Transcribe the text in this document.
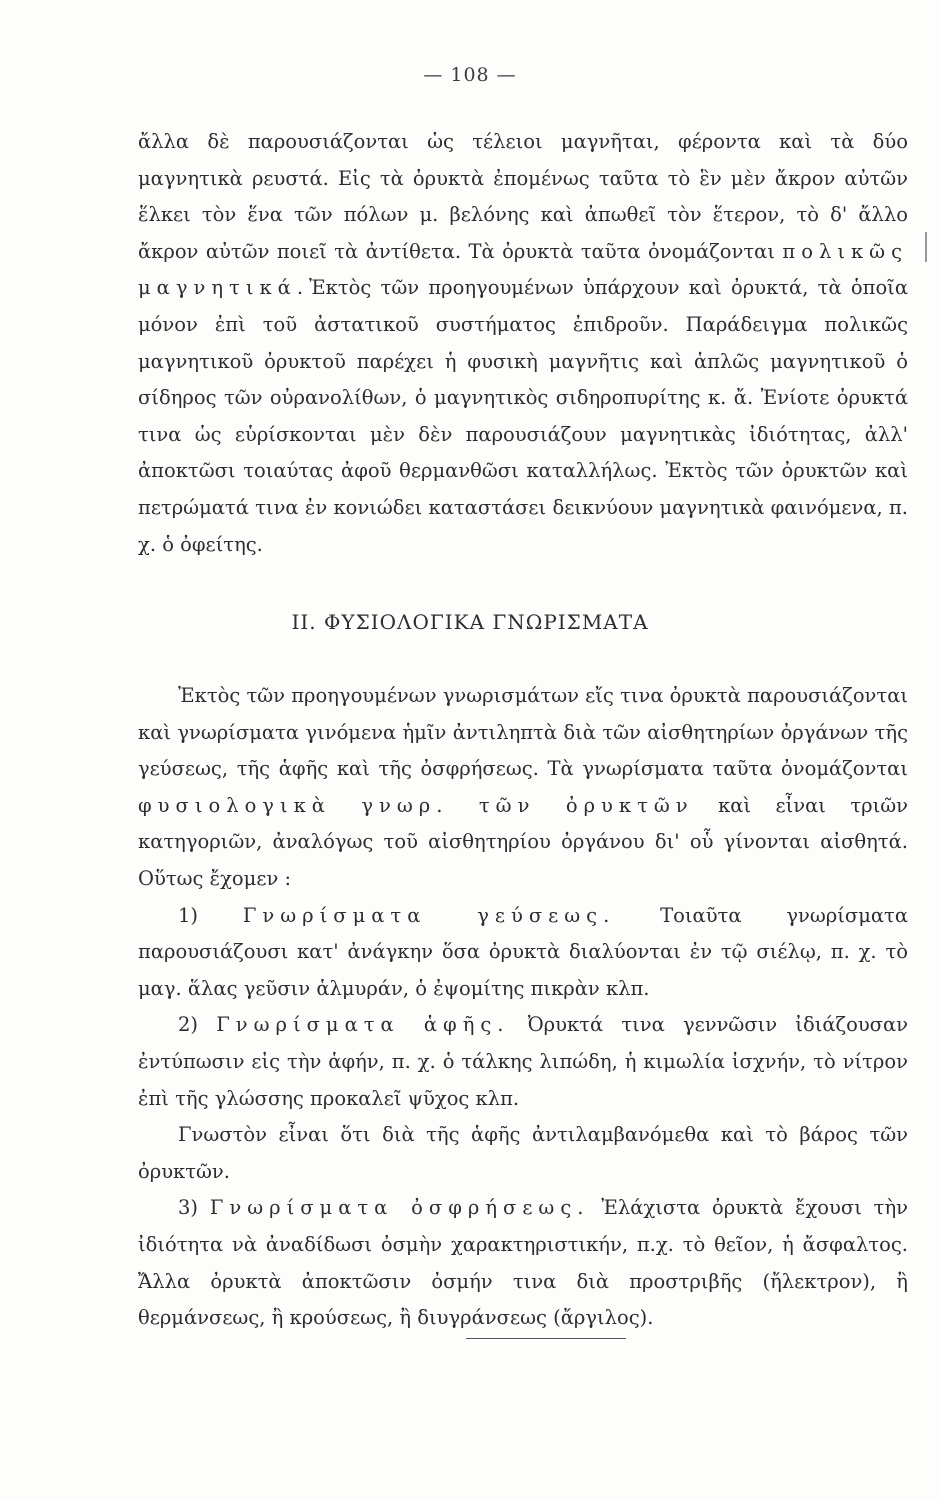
— 108 —

ἄλλα δὲ παρουσιάζονται ὡς τέλειοι μαγνῆται, φέροντα καὶ τὰ δύο μαγνητικὰ ρευστά. Εἰς τὰ ὀρυκτὰ ἐπομένως ταῦτα τὸ ἓν μὲν ἄκρον αὐτῶν ἕλκει τὸν ἕνα τῶν πόλων μ. βελόνης καὶ ἀπωθεῖ τὸν ἕτερον, τὸ δ' ἄλλο ἄκρον αὐτῶν ποιεῖ τὰ ἀντίθετα. Τὰ ὀρυκτὰ ταῦτα ὀνομάζονται πολικῶς μαγνητικά.Ἐκτὸς τῶν προηγουμένων ὑπάρχουν καὶ ὀρυκτά, τὰ ὁποῖα μόνον ἐπὶ τοῦ ἀστατικοῦ συστήματος ἐπιδροῦν. Παράδειγμα πολικῶς μαγνητικοῦ ὀρυκτοῦ παρέχει ἡ φυσικὴ μαγνῆτις καὶ ἁπλῶς μαγνητικοῦ ὁ σίδηρος τῶν οὐρανολίθων, ὁ μαγνητικὸς σιδηροπυρίτης κ. ἄ. Ἐνίοτε ὀρυκτά τινα ὡς εὑρίσκονται μὲν δὲν παρουσιάζουν μαγνητικὰς ἰδιότητας, ἀλλ' ἀποκτῶσι τοιαύτας ἀφοῦ θερμανθῶσι καταλλήλως. Ἐκτὸς τῶν ὀρυκτῶν καὶ πετρώματά τινα ἐν κονιώδει καταστάσει δεικνύουν μαγνητικὰ φαινόμενα, π. χ. ὁ ὀφείτης.

II. ΦΥΣΙΟΛΟΓΙΚΑ ΓΝΩΡΙΣΜΑΤΑ

Ἐκτὸς τῶν προηγουμένων γνωρισμάτων εἴς τινα ὀρυκτὰ παρουσιάζονται καὶ γνωρίσματα γινόμενα ἡμῖν ἀντιληπτὰ διὰ τῶν αἰσθητηρίων ὀργάνων τῆς γεύσεως, τῆς ἁφῆς καὶ τῆς ὀσφρήσεως. Τὰ γνωρίσματα ταῦτα ὀνομάζονται φυσιολογικὰ γνωρ. τῶν ὀρυκτῶν καὶ εἶναι τριῶν κατηγοριῶν, ἀναλόγως τοῦ αἰσθητηρίου ὀργάνου δι' οὗ γίνονται αἰσθητά. Οὕτως ἔχομεν :

1) Γνωρίσματα γεύσεως. Τοιαῦτα γνωρίσματα παρουσιάζουσι κατ' ἀνάγκην ὅσα ὀρυκτὰ διαλύονται ἐν τῷ σιέλῳ, π. χ. τὸ μαγ. ἅλας γεῦσιν ἁλμυράν, ὁ ἐψομίτης πικρὰν κλπ.

2) Γνωρίσματα ἁφῆς. Ὀρυκτά τινα γεννῶσιν ἰδιάζουσαν ἐντύπωσιν εἰς τὴν ἁφήν, π. χ. ὁ τάλκης λιπώδη, ἡ κιμωλία ἰσχνήν, τὸ νίτρον ἐπὶ τῆς γλώσσης προκαλεῖ ψῦχος κλπ.

Γνωστὸν εἶναι ὅτι διὰ τῆς ἁφῆς ἀντιλαμβανόμεθα καὶ τὸ βάρος τῶν ὀρυκτῶν.

3) Γνωρίσματα ὀσφρήσεως. Ἐλάχιστα ὀρυκτὰ ἔχουσι τὴν ἰδιότητα νὰ ἀναδίδωσι ὀσμὴν χαρακτηριστικήν, π.χ. τὸ θεῖον, ἡ ἄσφαλτος. Ἄλλα ὀρυκτὰ ἀποκτῶσιν ὀσμήν τινα διὰ προστριβῆς (ἤλεκτρον), ἢ θερμάνσεως, ἢ κρούσεως, ἢ διυγράνσεως (ἄργιλος).
